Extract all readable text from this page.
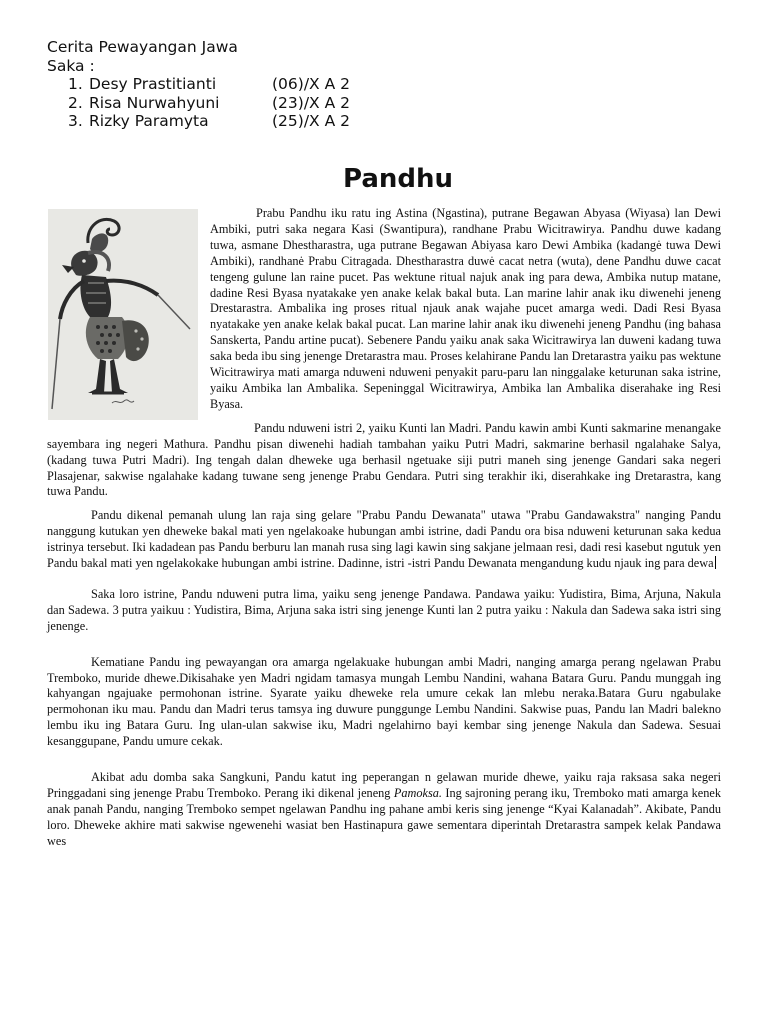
Cerita Pewayangan Jawa
Saka :
1. Desy Prastitianti	(06)/X A 2
2. Risa Nurwahyuni	(23)/X A 2
3. Rizky Paramyta	(25)/X A 2
Pandhu

Prabu Pandhu iku ratu ing Astina (Ngastina), putrane Begawan Abyasa (Wiyasa) lan Dewi Ambiki, putri saka negara Kasi (Swantipura), randhane Prabu Wicitrawirya. Pandhu duwe kadang tuwa, asmane Dhestharastra, uga putrane Begawan Abiyasa karo Dewi Ambika (kadangė tuwa Dewi Ambiki), randhanė Prabu Citragada. Dhestharastra duwė cacat netra (wuta), dene Pandhu duwe cacat tengeng gulune lan raine pucet. Pas wektune ritual najuk anak ing para dewa, Ambika nutup matane, dadine Resi Byasa nyatakake yen anake kelak bakal buta. Lan marine lahir anak iku diwenehi jeneng Drestarastra. Ambalika ing proses ritual njauk anak wajahe pucet amarga wedi. Dadi Resi Byasa nyatakake yen anake kelak bakal pucat. Lan marine lahir anak iku diwenehi jeneng Pandhu (ing bahasa Sanskerta, Pandu artine pucat). Sebenere Pandu yaiku anak saka Wicitrawirya lan duweni kadang tuwa saka beda ibu sing jenenge Dretarastra mau. Proses kelahirane Pandu lan Dretarastra yaiku pas wektune Wicitrawirya mati amarga nduweni nduweni penyakit paru-paru lan ninggalake keturunan saka istrine, yaiku Ambika lan Ambalika. Sepeninggal Wicitrawirya, Ambika lan Ambalika diserahake ing Resi Byasa.

Pandu nduweni istri 2, yaiku Kunti lan Madri. Pandu kawin ambi Kunti sakmarine menangake sayembara ing negeri Mathura. Pandhu pisan diwenehi hadiah tambahan yaiku Putri Madri, sakmarine berhasil ngalahake Salya, (kadang tuwa Putri Madri). Ing tengah dalan dheweke uga berhasil ngetuake siji putri maneh sing jenenge Gandari saka negeri Plasajenar, sakwise ngalahake kadang tuwane seng jenenge Prabu Gendara. Putri sing terakhir iki, diserahkake ing Dretarastra, kang tuwa Pandu.

Pandu dikenal pemanah ulung lan raja sing gelare "Prabu Pandu Dewanata" utawa "Prabu Gandawakstra" nanging Pandu nanggung kutukan yen dheweke bakal mati yen ngelakoake hubungan ambi istrine, dadi Pandu ora bisa nduweni keturunan saka kedua istrinya tersebut. Iki kadadean pas Pandu berburu lan manah rusa sing lagi kawin sing sakjane jelmaan resi, dadi resi kasebut ngutuk yen Pandu bakal mati yen ngelakokake hubungan ambi istrine. Dadinne, istri -istri Pandu Dewanata mengandung kudu njauk ing para dewa

Saka loro istrine, Pandu nduweni putra lima, yaiku seng jenenge Pandawa. Pandawa yaiku: Yudistira, Bima, Arjuna, Nakula dan Sadewa. 3 putra yaikuu : Yudistira, Bima, Arjuna saka istri sing jenenge Kunti lan 2 putra yaiku : Nakula dan Sadewa saka istri sing jenenge.

Kematiane Pandu ing pewayangan ora amarga ngelakuake hubungan ambi Madri, nanging amarga perang ngelawan Prabu Tremboko, muride dhewe.Dikisahake yen Madri ngidam tamasya mungah Lembu Nandini, wahana Batara Guru. Pandu munggah ing kahyangan ngajuake permohonan istrine. Syarate yaiku dheweke rela umure cekak lan mlebu neraka.Batara Guru ngabulake permohonan iku mau. Pandu dan Madri terus tamsya ing duwure punggunge Lembu Nandini. Sakwise puas, Pandu lan Madri balekno lembu iku ing Batara Guru. Ing ulan-ulan sakwise iku, Madri ngelahirno bayi kembar sing jenenge Nakula dan Sadewa. Sesuai kesanggupane, Pandu umure cekak.

Akibat adu domba saka Sangkuni, Pandu katut ing peperangan n gelawan muride dhewe, yaiku raja raksasa saka negeri Pringgadani sing jenenge Prabu Tremboko. Perang iki dikenal jeneng Pamoksa. Ing sajroning perang iku, Tremboko mati amarga kenek anak panah Pandu, nanging Tremboko sempet ngelawan Pandhu ing pahane ambi keris sing jenenge “Kyai Kalanadah”. Akibate, Pandu loro. Dheweke akhire mati sakwise ngewenehi wasiat ben Hastinapura gawe sementara diperintah Dretarastra sampek kelak Pandawa wes
